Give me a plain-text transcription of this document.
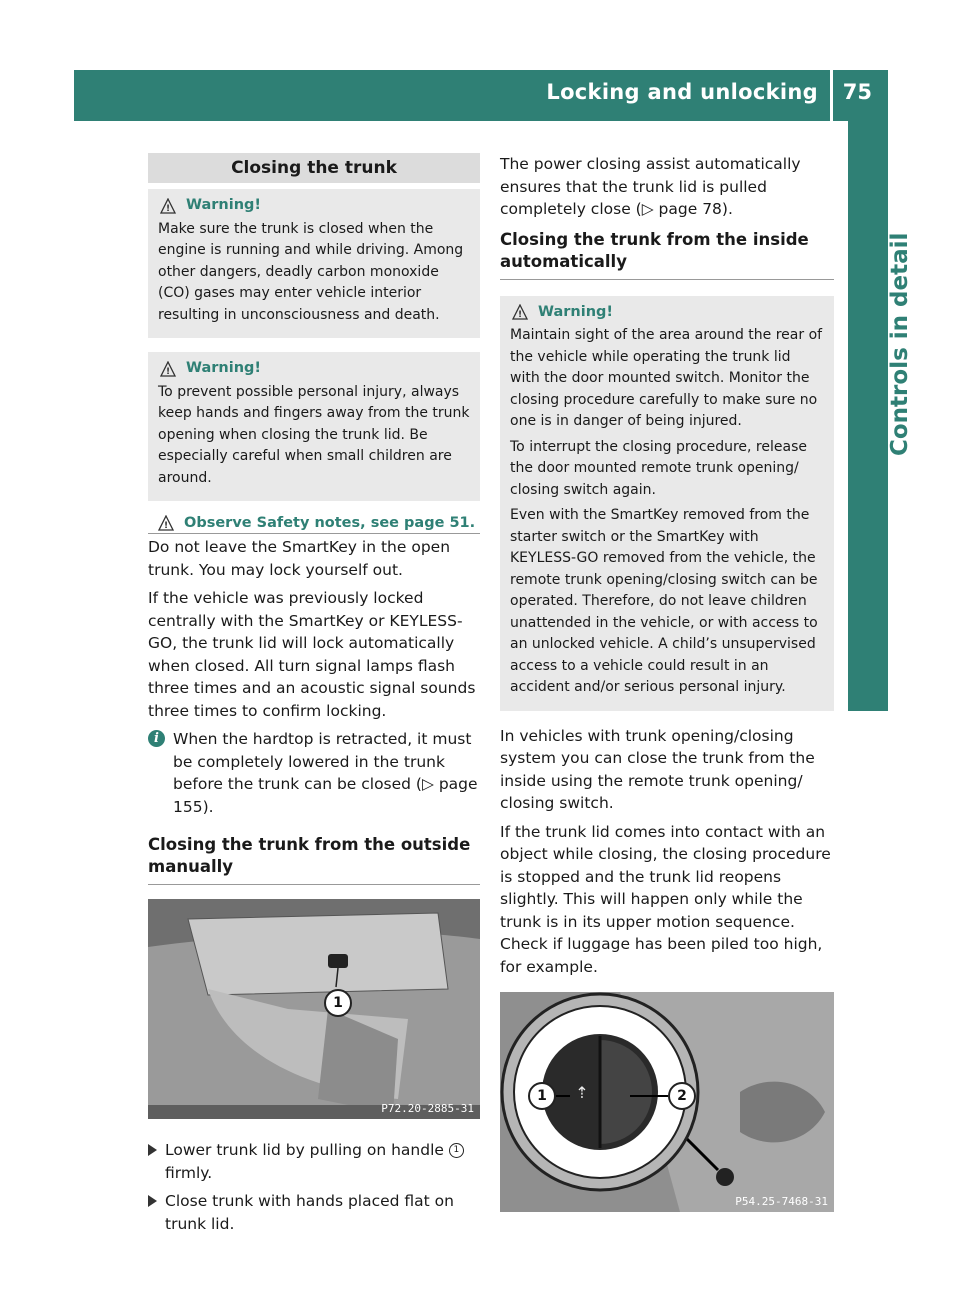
Locking and unlocking 75
Controls in detail
Closing the trunk
! Warning!

Make sure the trunk is closed when the engine is running and while driving. Among other dangers, deadly carbon monoxide (CO) gases may enter vehicle interior resulting in unconsciousness and death.

! Warning!

To prevent possible personal injury, always keep hands and fingers away from the trunk opening when closing the trunk lid. Be especially careful when small children are around.

! Observe Safety notes, see page 51.

Do not leave the SmartKey in the open trunk. You may lock yourself out.

If the vehicle was previously locked centrally with the SmartKey or KEYLESS-GO, the trunk lid will lock automatically when closed. All turn signal lamps flash three times and an acoustic signal sounds three times to confirm locking.

i When the hardtop is retracted, it must be completely lowered in the trunk before the trunk can be closed (▷ page 155).

Closing the trunk from the outside manually
1
P72.20-2885-31
Lower trunk lid by pulling on handle 1 firmly.
Close trunk with hands placed flat on trunk lid.

The power closing assist automatically ensures that the trunk lid is pulled completely close (▷ page 78).

Closing the trunk from the inside automatically
! Warning!

Maintain sight of the area around the rear of the vehicle while operating the trunk lid with the door mounted switch. Monitor the closing procedure carefully to make sure no one is in danger of being injured.

To interrupt the closing procedure, release the door mounted remote trunk opening/ closing switch again.

Even with the SmartKey removed from the starter switch or the SmartKey with KEYLESS-GO removed from the vehicle, the remote trunk opening/closing switch can be operated. Therefore, do not leave children unattended in the vehicle, or with access to an unlocked vehicle. A child’s unsupervised access to a vehicle could result in an accident and/or serious personal injury.

In vehicles with trunk opening/closing system you can close the trunk from the inside using the remote trunk opening/ closing switch.

If the trunk lid comes into contact with an object while closing, the closing procedure is stopped and the trunk lid reopens slightly. This will happen only while the trunk is in its upper motion sequence. Check if luggage has been piled too high, for example.

⇡
1	2
P54.25-7468-31
